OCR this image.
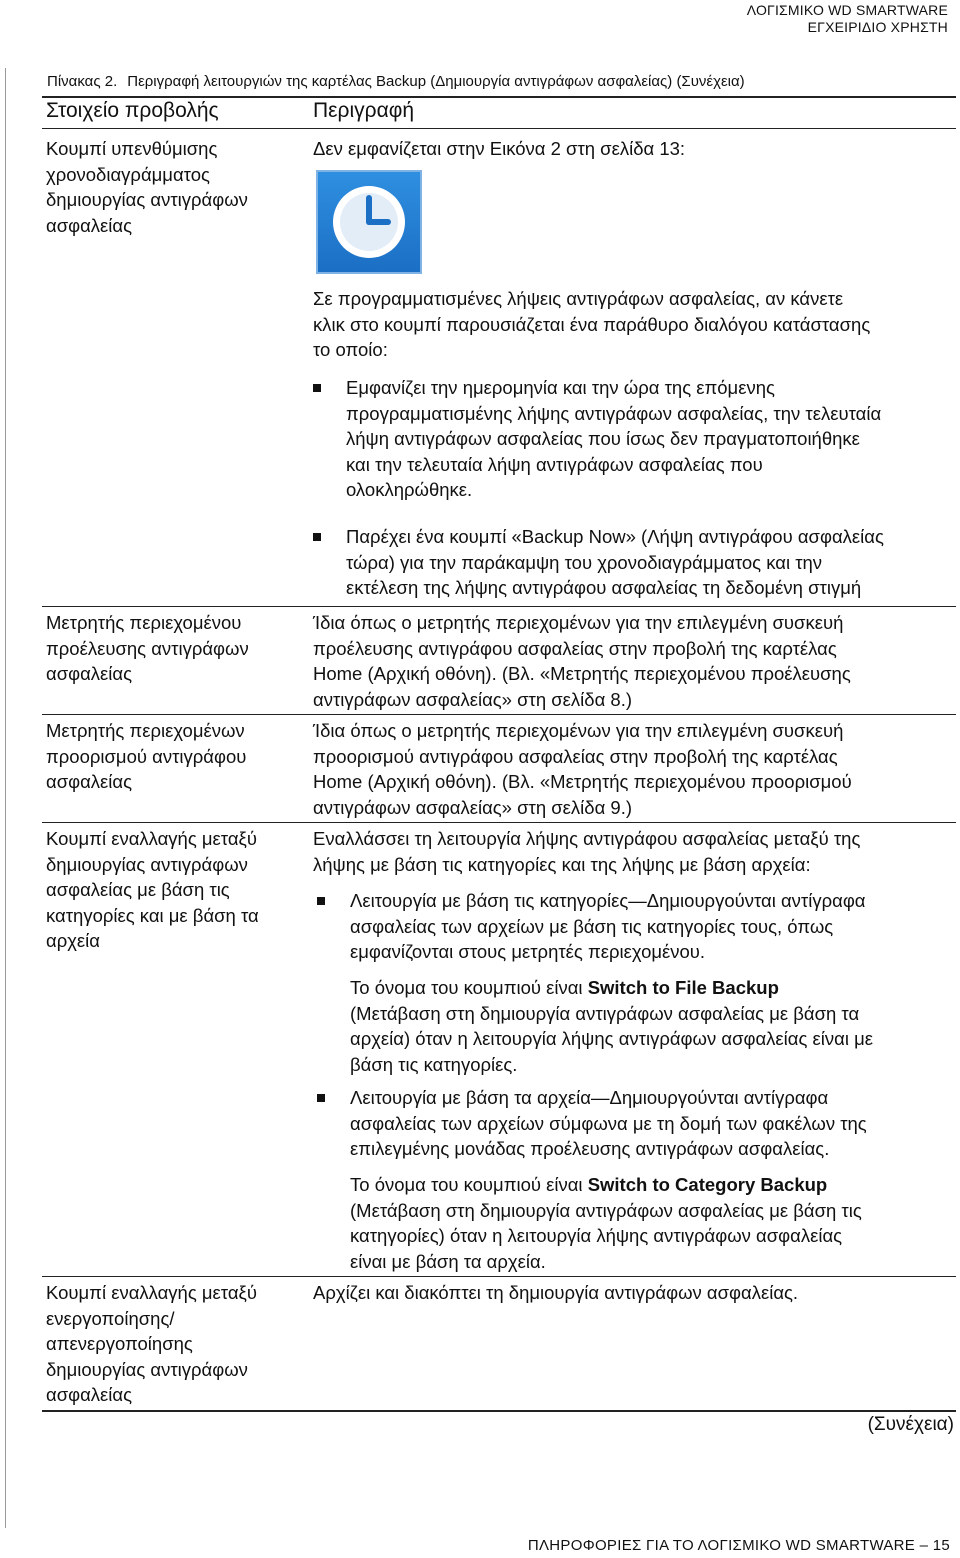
ΛΟΓΙΣΜΙΚΟ WD SMARTWARE
ΕΓΧΕΙΡΙΔΙΟ ΧΡΗΣΤΗ
Πίνακας 2. Περιγραφή λειτουργιών της καρτέλας Backup (Δημιουργία αντιγράφων ασφαλείας) (Συνέχεια)
Στοιχείο προβολής	Περιγραφή

Κουμπί υπενθύμισης

χρονοδιαγράμματος

δημιουργίας αντιγράφων

ασφαλείας

Δεν εμφανίζεται στην Εικόνα 2 στη σελίδα 13:

Σε προγραμματισμένες λήψεις αντιγράφων ασφαλείας, αν κάνετε

κλικ στο κουμπί παρουσιάζεται ένα παράθυρο διαλόγου κατάστασης

το οποίο:

Εμφανίζει την ημερομηνία και την ώρα της επόμενης

προγραμματισμένης λήψης αντιγράφων ασφαλείας, την τελευταία

λήψη αντιγράφων ασφαλείας που ίσως δεν πραγματοποιήθηκε

και την τελευταία λήψη αντιγράφων ασφαλείας που

ολοκληρώθηκε.

Παρέχει ένα κουμπί «Backup Now» (Λήψη αντιγράφου ασφαλείας

τώρα) για την παράκαμψη του χρονοδιαγράμματος και την

εκτέλεση της λήψης αντιγράφου ασφαλείας τη δεδομένη στιγμή

Μετρητής περιεχομένου

προέλευσης αντιγράφων

ασφαλείας

Ίδια όπως ο μετρητής περιεχομένων για την επιλεγμένη συσκευή

προέλευσης αντιγράφου ασφαλείας στην προβολή της καρτέλας

Home (Αρχική οθόνη). (Βλ. «Μετρητής περιεχομένου προέλευσης

αντιγράφων ασφαλείας» στη σελίδα 8.)

Μετρητής περιεχομένων

προορισμού αντιγράφου

ασφαλείας

Ίδια όπως ο μετρητής περιεχομένων για την επιλεγμένη συσκευή

προορισμού αντιγράφου ασφαλείας στην προβολή της καρτέλας

Home (Αρχική οθόνη). (Βλ. «Μετρητής περιεχομένου προορισμού

αντιγράφων ασφαλείας» στη σελίδα 9.)

Κουμπί εναλλαγής μεταξύ

δημιουργίας αντιγράφων

ασφαλείας με βάση τις

κατηγορίες και με βάση τα

αρχεία

Εναλλάσσει τη λειτουργία λήψης αντιγράφου ασφαλείας μεταξύ της

λήψης με βάση τις κατηγορίες και της λήψης με βάση αρχεία:

Λειτουργία με βάση τις κατηγορίες—Δημιουργούνται αντίγραφα

ασφαλείας των αρχείων με βάση τις κατηγορίες τους, όπως

εμφανίζονται στους μετρητές περιεχομένου.

Το όνομα του κουμπιού είναι Switch to File Backup

(Μετάβαση στη δημιουργία αντιγράφων ασφαλείας με βάση τα

αρχεία) όταν η λειτουργία λήψης αντιγράφων ασφαλείας είναι με

βάση τις κατηγορίες.

Λειτουργία με βάση τα αρχεία—Δημιουργούνται αντίγραφα

ασφαλείας των αρχείων σύμφωνα με τη δομή των φακέλων της

επιλεγμένης μονάδας προέλευσης αντιγράφων ασφαλείας.

Το όνομα του κουμπιού είναι Switch to Category Backup

(Μετάβαση στη δημιουργία αντιγράφων ασφαλείας με βάση τις

κατηγορίες) όταν η λειτουργία λήψης αντιγράφων ασφαλείας

είναι με βάση τα αρχεία.

Κουμπί εναλλαγής μεταξύ

ενεργοποίησης/

απενεργοποίησης

δημιουργίας αντιγράφων

ασφαλείας

Αρχίζει και διακόπτει τη δημιουργία αντιγράφων ασφαλείας.

(Συνέχεια)
ΠΛΗΡΟΦΟΡΙΕΣ ΓΙΑ ΤΟ ΛΟΓΙΣΜΙΚΟ WD SMARTWARE – 15
